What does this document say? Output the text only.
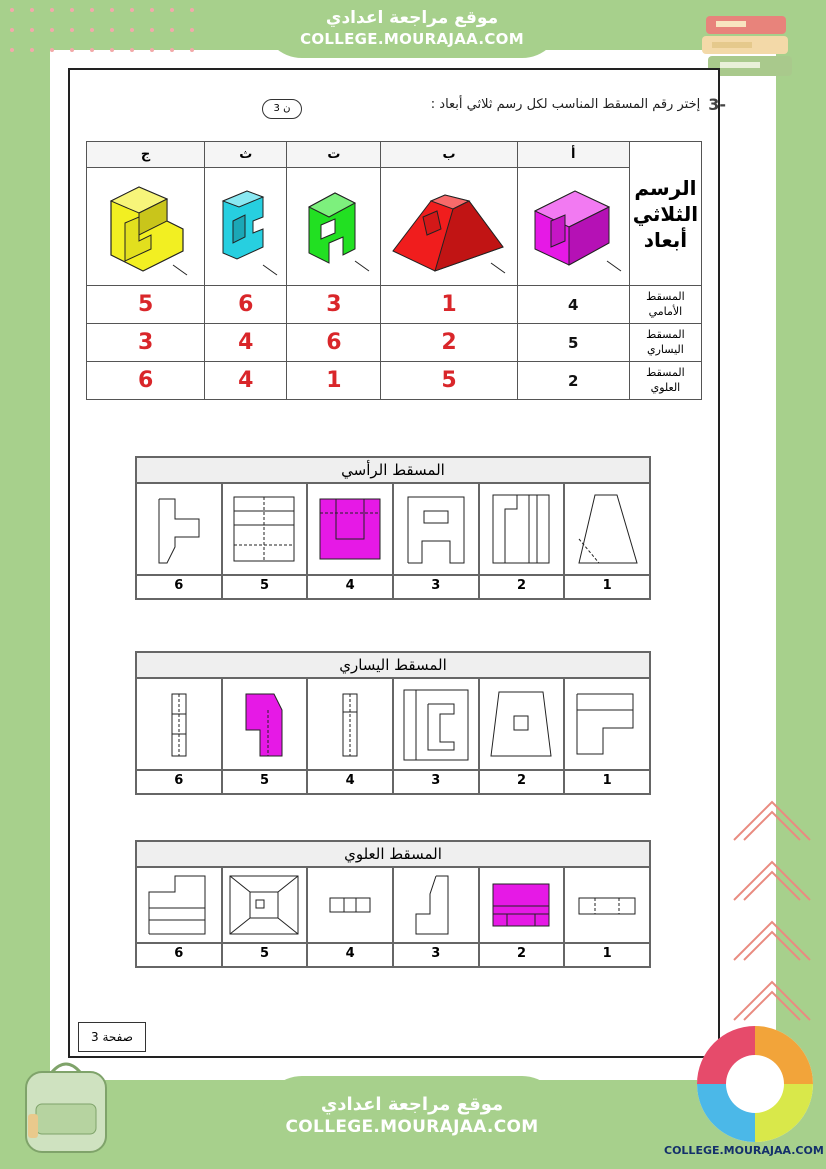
موقع مراجعة اعدادي
COLLEGE.MOURAJAA.COM
-3
إختر رقم المسقط المناسب لكل رسم ثلاثي أبعاد :
3 ن
ج	ث	ت	ب	أ	الرسم الثلاثي أبعاد

5	6	3	1	4	المسقط الأمامي
3	4	6	2	5	المسقط اليساري
6	4	1	5	2	المسقط العلوي
المسقط الرأسي
1
2
3
4
5
6
المسقط اليساري
1
2
3
4
5
6
المسقط العلوي
1
2
3
4
5
6
صفحة 3
COLLEGE.MOURAJAA.COM
موقع مراجعة اعدادي
COLLEGE.MOURAJAA.COM
